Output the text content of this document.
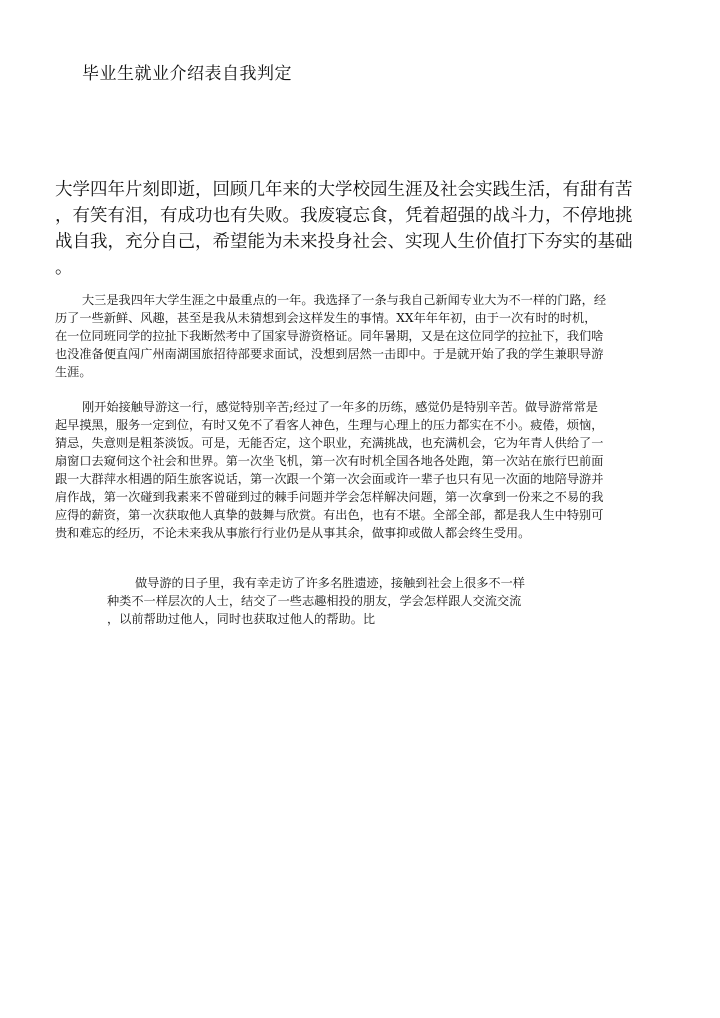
毕业生就业介绍表自我判定
大学四年片刻即逝，回顾几年来的大学校园生涯及社会实践生活，有甜有苦
，有笑有泪，有成功也有失败。我废寝忘食，凭着超强的战斗力，不停地挑
战自我，充分自己，希望能为未来投身社会、实现人生价值打下夯实的基础
。
大三是我四年大学生涯之中最重点的一年。我选择了一条与我自己新闻专业大为不一样的门路，经
历了一些新鲜、风趣，甚至是我从未猜想到会这样发生的事情。XX年年年初，由于一次有时的时机，
在一位同班同学的拉扯下我断然考中了国家导游资格证。同年暑期，又是在这位同学的拉扯下，我们啥
也没准备便直闯广州南湖国旅招待部要求面试，没想到居然一击即中。于是就开始了我的学生兼职导游
生涯。
刚开始接触导游这一行，感觉特别辛苦;经过了一年多的历练，感觉仍是特别辛苦。做导游常常是
起早摸黑，服务一定到位，有时又免不了看客人神色，生理与心理上的压力都实在不小。疲倦，烦恼，
猜忌，失意则是粗茶淡饭。可是，无能否定，这个职业，充满挑战，也充满机会，它为年青人供给了一
扇窗口去窥伺这个社会和世界。第一次坐飞机，第一次有时机全国各地各处跑，第一次站在旅行巴前面
跟一大群萍水相遇的陌生旅客说话，第一次跟一个第一次会面或许一辈子也只有见一次面的地陪导游并
肩作战，第一次碰到我素来不曾碰到过的棘手问题并学会怎样解决问题，第一次拿到一份来之不易的我
应得的薪资，第一次获取他人真挚的鼓舞与欣赏。有出色，也有不堪。全部全部，都是我人生中特别可
贵和难忘的经历，不论未来我从事旅行行业仍是从事其余，做事抑或做人都会终生受用。
做导游的日子里，我有幸走访了许多名胜遗迹，接触到社会上很多不一样
种类不一样层次的人士，结交了一些志趣相投的朋友，学会怎样跟人交流交流
，以前帮助过他人，同时也获取过他人的帮助。比
